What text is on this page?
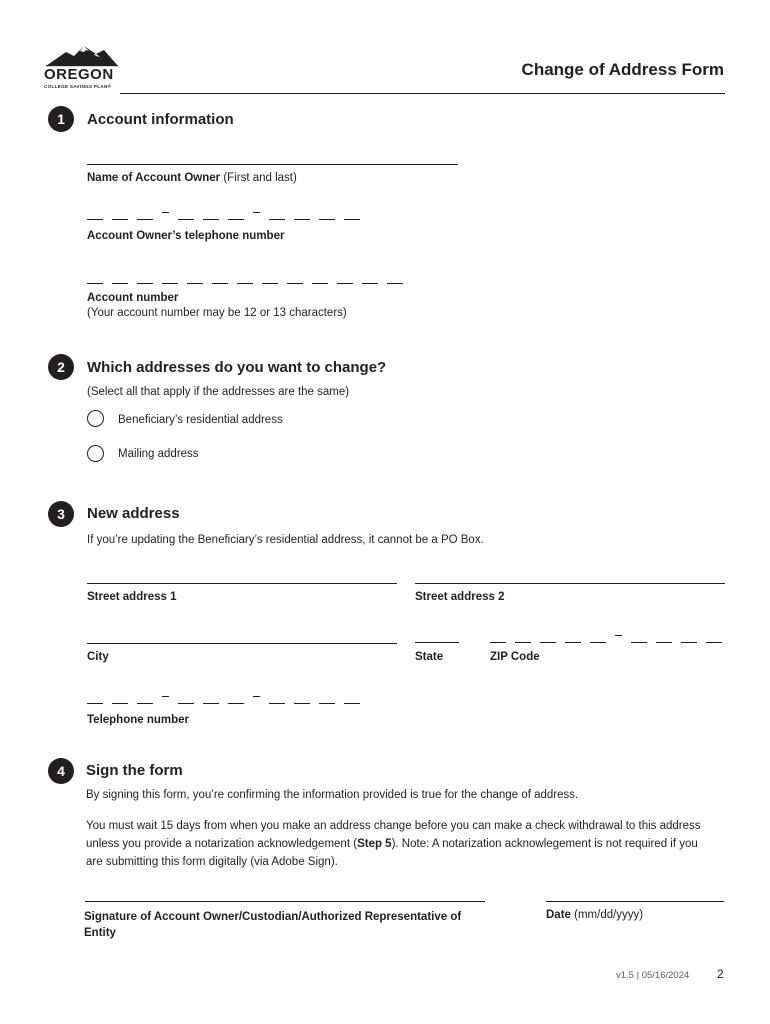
OREGON
COLLEGE SAVINGS PLAN®
Change of Address Form
1	Account information
Name of Account Owner (First and last)
Account Owner’s telephone number
Account number
(Your account number may be 12 or 13 characters)
2	Which addresses do you want to change?
(Select all that apply if the addresses are the same)
Beneficiary’s residential address
Mailing address
3	New address
If you’re updating the Beneficiary’s residential address, it cannot be a PO Box.
Street address 1	Street address 2
City	State	ZIP Code
Telephone number
4	Sign the form
By signing this form, you’re confirming the information provided is true for the change of address.
You must wait 15 days from when you make an address change before you can make a check withdrawal to this address unless you provide a notarization acknowledgement (Step 5). Note: A notarization acknowlegement is not required if you are submitting this form digitally (via Adobe Sign).
Signature of Account Owner/Custodian/Authorized Representative of Entity
Date (mm/dd/yyyy)
v1.5 | 05/16/2024 2
